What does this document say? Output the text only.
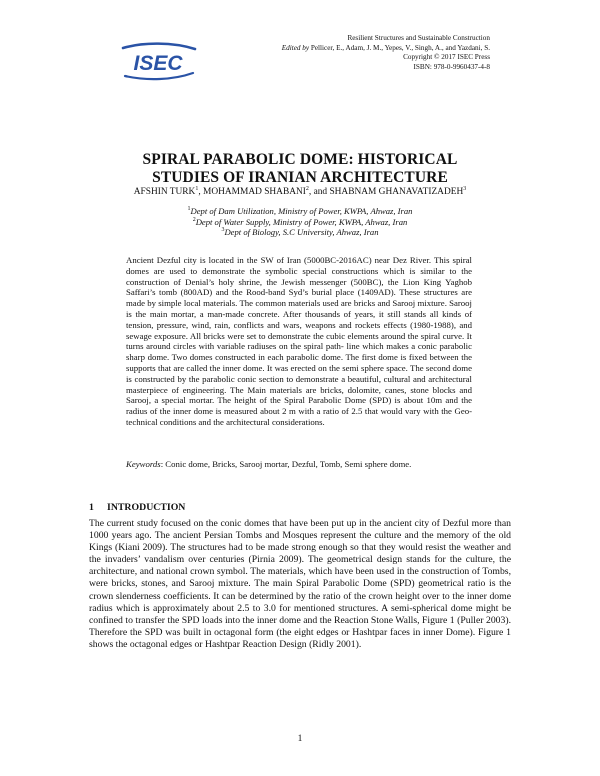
ISEC
Resilient Structures and Sustainable Construction
Edited by Pellicer, E., Adam, J. M., Yepes, V., Singh, A., and Yazdani, S.
Copyright © 2017 ISEC Press
ISBN: 978-0-9960437-4-8
SPIRAL PARABOLIC DOME: HISTORICAL
STUDIES OF IRANIAN ARCHITECTURE
AFSHIN TURK$^1$, MOHAMMAD SHABANI$^2$, and SHABNAM GHANAVATIZADEH$^3$
$^1$Dept of Dam Utilization, Ministry of Power, KWPA, Ahwaz, Iran
$^2$Dept of Water Supply, Ministry of Power, KWPA, Ahwaz, Iran
$^3$Dept of Biology, S.C University, Ahwaz, Iran
Ancient Dezful city is located in the SW of Iran (5000BC-2016AC) near Dez River. This spiral domes are used to demonstrate the symbolic special constructions which is similar to the construction of Denial’s holy shrine, the Jewish messenger (500BC), the Lion King Yaghob Saffari’s tomb (800AD) and the Rood-band Syd’s burial place (1409AD). These structures are made by simple local materials. The common materials used are bricks and Sarooj mixture. Sarooj is the main mortar, a man-made concrete. After thousands of years, it still stands all kinds of tension, pressure, wind, rain, conflicts and wars, weapons and rockets effects (1980-1988), and sewage exposure. All bricks were set to demonstrate the cubic elements around the spiral curve. It turns around circles with variable radiuses on the spiral path- line which makes a conic parabolic sharp dome. Two domes constructed in each parabolic dome. The first dome is fixed between the supports that are called the inner dome. It was erected on the semi sphere space. The second dome is constructed by the parabolic conic section to demonstrate a beautiful, cultural and architectural masterpiece of engineering. The Main materials are bricks, dolomite, canes, stone blocks and Sarooj, a special mortar. The height of the Spiral Parabolic Dome (SPD) is about 10m and the radius of the inner dome is measured about 2 m with a ratio of 2.5 that would vary with the Geo-technical conditions and the architectural considerations.
Keywords: Conic dome, Bricks, Sarooj mortar, Dezful, Tomb, Semi sphere dome.
1 INTRODUCTION
The current study focused on the conic domes that have been put up in the ancient city of Dezful more than 1000 years ago. The ancient Persian Tombs and Mosques represent the culture and the memory of the old Kings (Kiani 2009). The structures had to be made strong enough so that they would resist the weather and the invaders’ vandalism over centuries (Pirnia 2009). The geometrical design stands for the culture, the architecture, and national crown symbol. The materials, which have been used in the construction of Tombs, were bricks, stones, and Sarooj mixture. The main Spiral Parabolic Dome (SPD) geometrical ratio is the crown slenderness coefficients. It can be determined by the ratio of the crown height over to the inner dome radius which is approximately about 2.5 to 3.0 for mentioned structures. A semi-spherical dome might be confined to transfer the SPD loads into the inner dome and the Reaction Stone Walls, Figure 1 (Puller 2003). Therefore the SPD was built in octagonal form (the eight edges or Hashtpar faces in inner Dome). Figure 1 shows the octagonal edges or Hashtpar Reaction Design (Ridly 2001).
1
